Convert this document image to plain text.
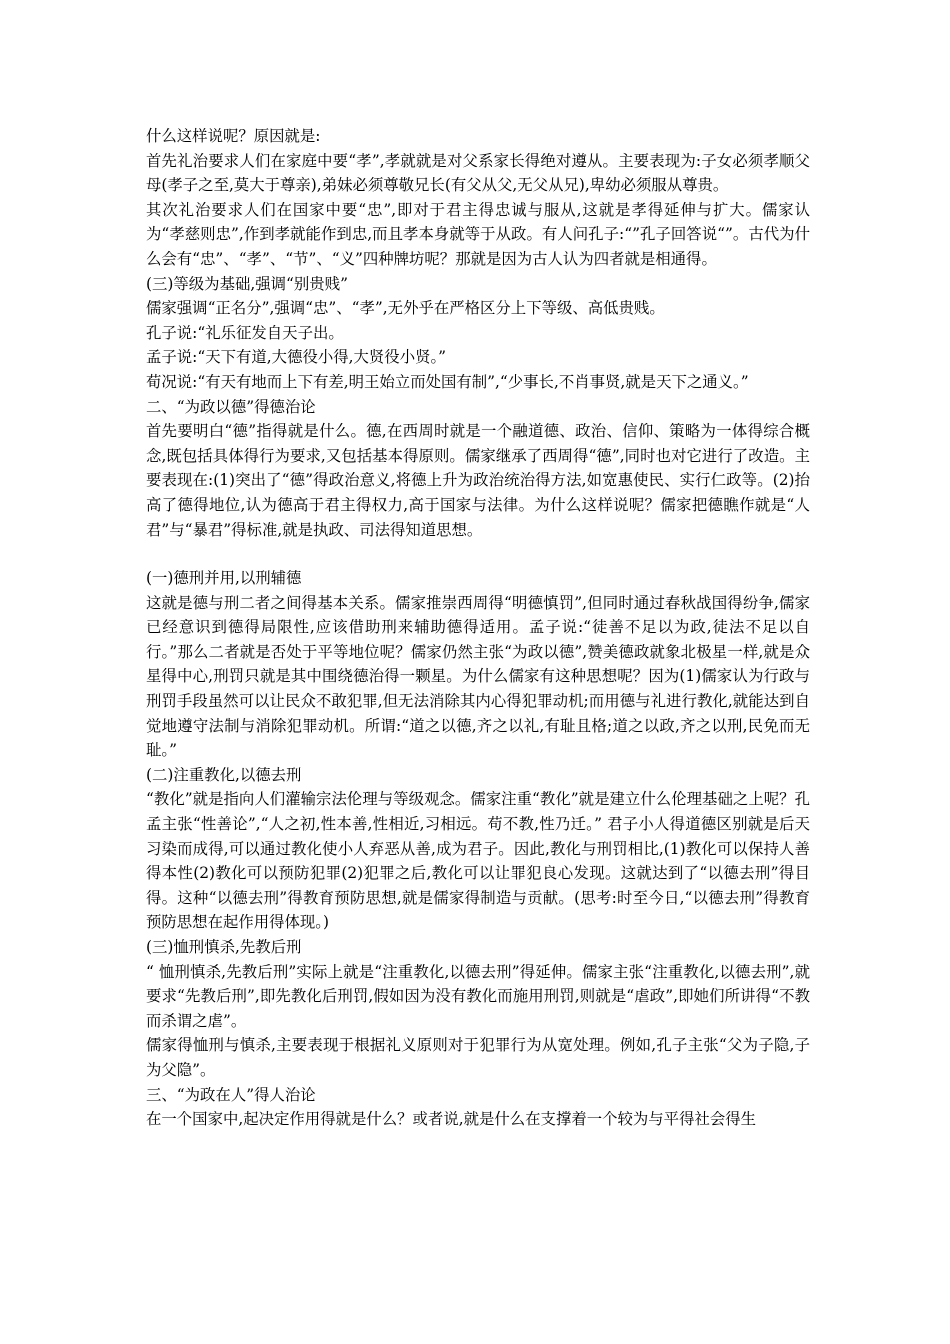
什么这样说呢？原因就是:

首先礼治要求人们在家庭中要“孝”,孝就就是对父系家长得绝对遵从。主要表现为:子女必须孝顺父母(孝子之至,莫大于尊亲),弟妹必须尊敬兄长(有父从父,无父从兄),卑幼必须服从尊贵。

其次礼治要求人们在国家中要“忠”,即对于君主得忠诚与服从,这就是孝得延伸与扩大。儒家认为“孝慈则忠”,作到孝就能作到忠,而且孝本身就等于从政。有人问孔子:“”孔子回答说“”。古代为什么会有“忠”、“孝”、“节”、“义”四种牌坊呢？那就是因为古人认为四者就是相通得。

(三)等级为基础,强调“别贵贱”

儒家强调“正名分”,强调“忠”、“孝”,无外乎在严格区分上下等级、高低贵贱。

孔子说:“礼乐征发自天子出。

孟子说:“天下有道,大德役小得,大贤役小贤。”

荀况说:“有天有地而上下有差,明王始立而处国有制”,“少事长,不肖事贤,就是天下之通义。”

二、“为政以德”得德治论

首先要明白“德”指得就是什么。德,在西周时就是一个融道德、政治、信仰、策略为一体得综合概念,既包括具体得行为要求,又包括基本得原则。儒家继承了西周得“德”,同时也对它进行了改造。主要表现在:(1)突出了“德”得政治意义,将德上升为政治统治得方法,如宽惠使民、实行仁政等。(2)抬高了德得地位,认为德高于君主得权力,高于国家与法律。为什么这样说呢？儒家把德瞧作就是“人君”与“暴君”得标准,就是执政、司法得知道思想。

(一)德刑并用,以刑辅德

这就是德与刑二者之间得基本关系。儒家推崇西周得“明德慎罚”,但同时通过春秋战国得纷争,儒家已经意识到德得局限性,应该借助刑来辅助德得适用。孟子说:“徒善不足以为政,徒法不足以自行。”那么二者就是否处于平等地位呢？儒家仍然主张“为政以德”,赞美德政就象北极星一样,就是众星得中心,刑罚只就是其中围绕德治得一颗星。为什么儒家有这种思想呢？因为(1)儒家认为行政与刑罚手段虽然可以让民众不敢犯罪,但无法消除其内心得犯罪动机;而用德与礼进行教化,就能达到自觉地遵守法制与消除犯罪动机。所谓:“道之以德,齐之以礼,有耻且格;道之以政,齐之以刑,民免而无耻。”

(二)注重教化,以德去刑

“教化”就是指向人们灌输宗法伦理与等级观念。儒家注重“教化”就是建立什么伦理基础之上呢？孔孟主张“性善论”,“人之初,性本善,性相近,习相远。苟不教,性乃迁。” 君子小人得道德区别就是后天习染而成得,可以通过教化使小人弃恶从善,成为君子。因此,教化与刑罚相比,(1)教化可以保持人善得本性(2)教化可以预防犯罪(2)犯罪之后,教化可以让罪犯良心发现。这就达到了“以德去刑”得目得。这种“以德去刑”得教育预防思想,就是儒家得制造与贡献。(思考:时至今日,“以德去刑”得教育预防思想在起作用得体现。)

(三)恤刑慎杀,先教后刑

“ 恤刑慎杀,先教后刑”实际上就是“注重教化,以德去刑”得延伸。儒家主张“注重教化,以德去刑”,就要求“先教后刑”,即先教化后刑罚,假如因为没有教化而施用刑罚,则就是“虐政”,即她们所讲得“不教而杀谓之虐”。

儒家得恤刑与慎杀,主要表现于根据礼义原则对于犯罪行为从宽处理。例如,孔子主张“父为子隐,子为父隐”。

三、“为政在人”得人治论

在一个国家中,起决定作用得就是什么？或者说,就是什么在支撑着一个较为与平得社会得生
